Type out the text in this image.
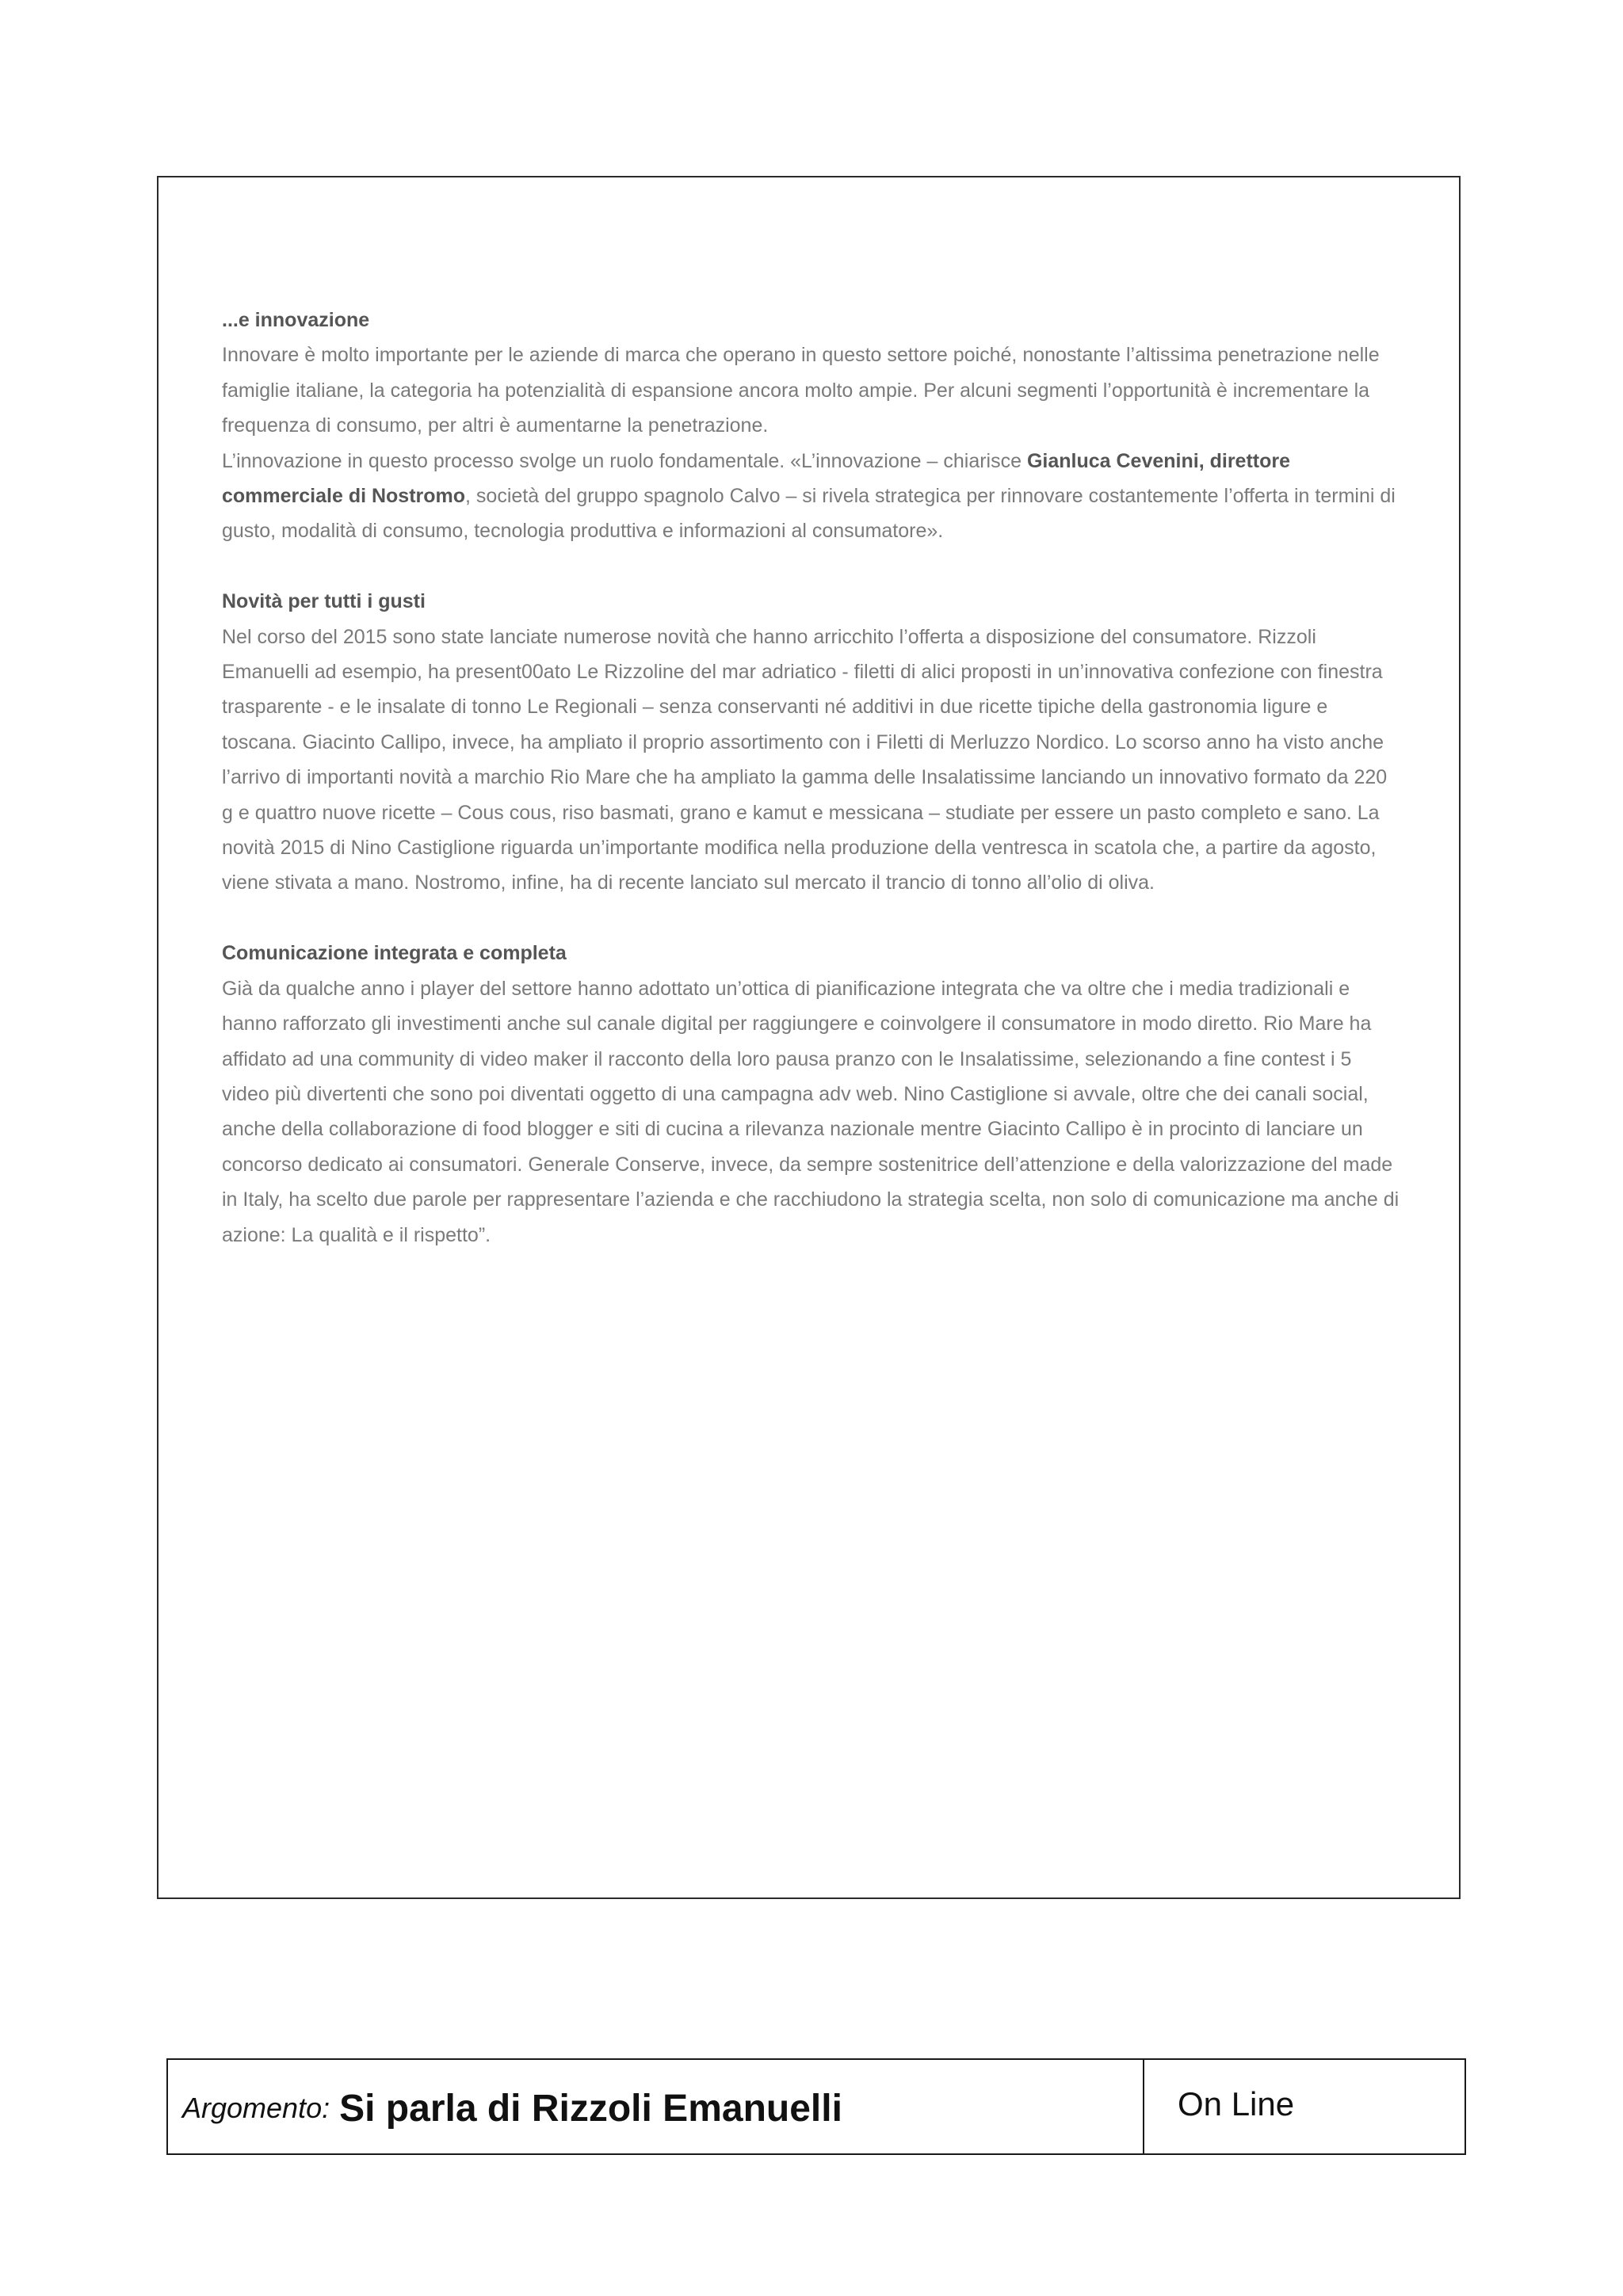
...e innovazione

Innovare è molto importante per le aziende di marca che operano in questo settore poiché, nonostante l’altissima penetrazione nelle famiglie italiane, la categoria ha potenzialità di espansione ancora molto ampie. Per alcuni segmenti l’opportunità è incrementare la frequenza di consumo, per altri è aumentarne la penetrazione.
L’innovazione in questo processo svolge un ruolo fondamentale. «L’innovazione – chiarisce Gianluca Cevenini, direttore commerciale di Nostromo, società del gruppo spagnolo Calvo – si rivela strategica per rinnovare costantemente l’offerta in termini di gusto, modalità di consumo, tecnologia produttiva e informazioni al consumatore».

Novità per tutti i gusti

Nel corso del 2015 sono state lanciate numerose novità che hanno arricchito l’offerta a disposizione del consumatore. Rizzoli Emanuelli ad esempio, ha present00ato Le Rizzoline del mar adriatico - filetti di alici proposti in un’innovativa confezione con finestra trasparente - e le insalate di tonno Le Regionali – senza conservanti né additivi in due ricette tipiche della gastronomia ligure e toscana. Giacinto Callipo, invece, ha ampliato il proprio assortimento con i Filetti di Merluzzo Nordico. Lo scorso anno ha visto anche l’arrivo di importanti novità a marchio Rio Mare che ha ampliato la gamma delle Insalatissime lanciando un innovativo formato da 220 g e quattro nuove ricette – Cous cous, riso basmati, grano e kamut e messicana – studiate per essere un pasto completo e sano. La novità 2015 di Nino Castiglione riguarda un’importante modifica nella produzione della ventresca in scatola che, a partire da agosto, viene stivata a mano. Nostromo, infine, ha di recente lanciato sul mercato il trancio di tonno all’olio di oliva.

Comunicazione integrata e completa

Già da qualche anno i player del settore hanno adottato un’ottica di pianificazione integrata che va oltre che i media tradizionali e hanno rafforzato gli investimenti anche sul canale digital per raggiungere e coinvolgere il consumatore in modo diretto. Rio Mare ha affidato ad una community di video maker il racconto della loro pausa pranzo con le Insalatissime, selezionando a fine contest i 5 video più divertenti che sono poi diventati oggetto di una campagna adv web. Nino Castiglione si avvale, oltre che dei canali social, anche della collaborazione di food blogger e siti di cucina a rilevanza nazionale mentre Giacinto Callipo è in procinto di lanciare un concorso dedicato ai consumatori. Generale Conserve, invece, da sempre sostenitrice dell’attenzione e della valorizzazione del made in Italy, ha scelto due parole per rappresentare l’azienda e che racchiudono la strategia scelta, non solo di comunicazione ma anche di azione: La qualità e il rispetto”.

Argomento: Si parla di Rizzoli Emanuelli	On Line
